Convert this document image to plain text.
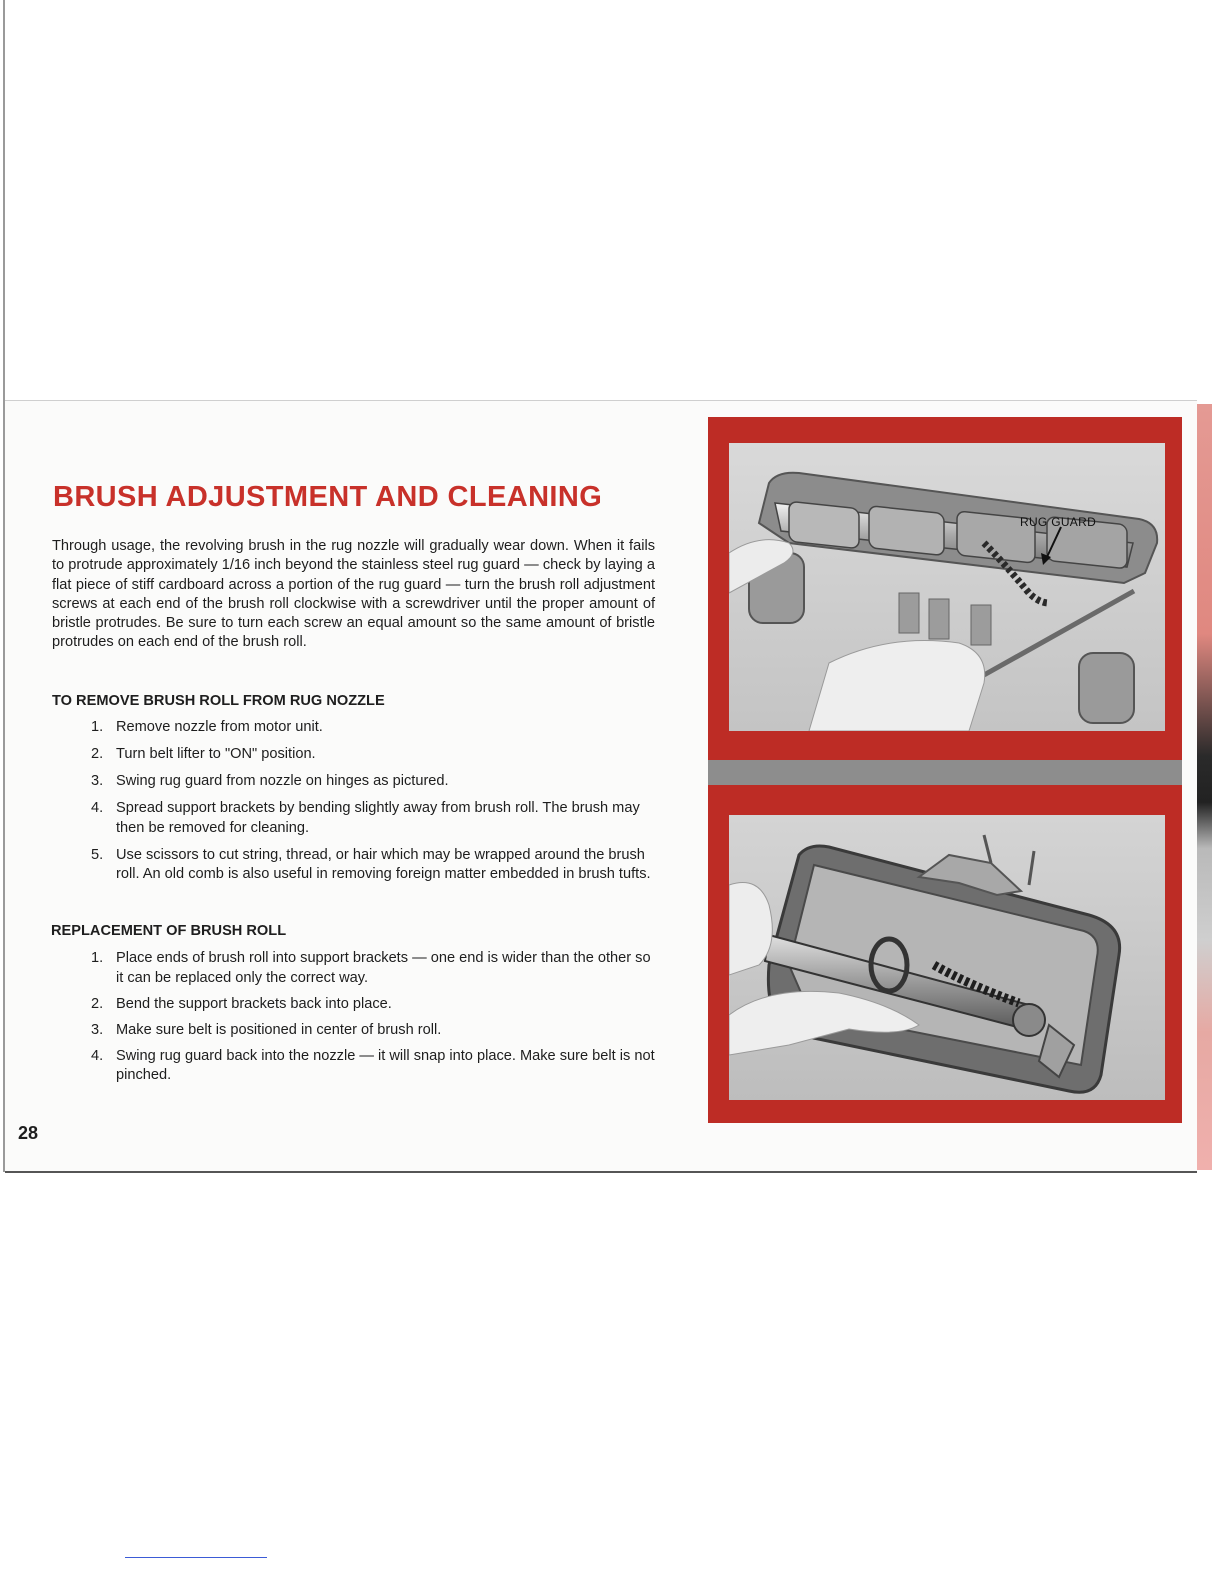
BRUSH ADJUSTMENT AND CLEANING

Through usage, the revolving brush in the rug nozzle will gradually wear down. When it fails to protrude approximately 1/16 inch beyond the stainless steel rug guard — check by laying a flat piece of stiff cardboard across a portion of the rug guard — turn the brush roll adjustment screws at each end of the brush roll clockwise with a screwdriver until the proper amount of bristle protrudes. Be sure to turn each screw an equal amount so the same amount of bristle protrudes on each end of the brush roll.

TO REMOVE BRUSH ROLL FROM RUG NOZZLE
1. Remove nozzle from motor unit.
2. Turn belt lifter to "ON" position.
3. Swing rug guard from nozzle on hinges as pictured.
4. Spread support brackets by bending slightly away from brush roll. The brush may then be removed for cleaning.
5. Use scissors to cut string, thread, or hair which may be wrapped around the brush roll. An old comb is also useful in removing foreign matter embedded in brush tufts.
REPLACEMENT OF BRUSH ROLL
1. Place ends of brush roll into support brackets — one end is wider than the other so it can be replaced only the correct way.
2. Bend the support brackets back into place.
3. Make sure belt is positioned in center of brush roll.
4. Swing rug guard back into the nozzle — it will snap into place. Make sure belt is not pinched.
28
RUG GUARD
